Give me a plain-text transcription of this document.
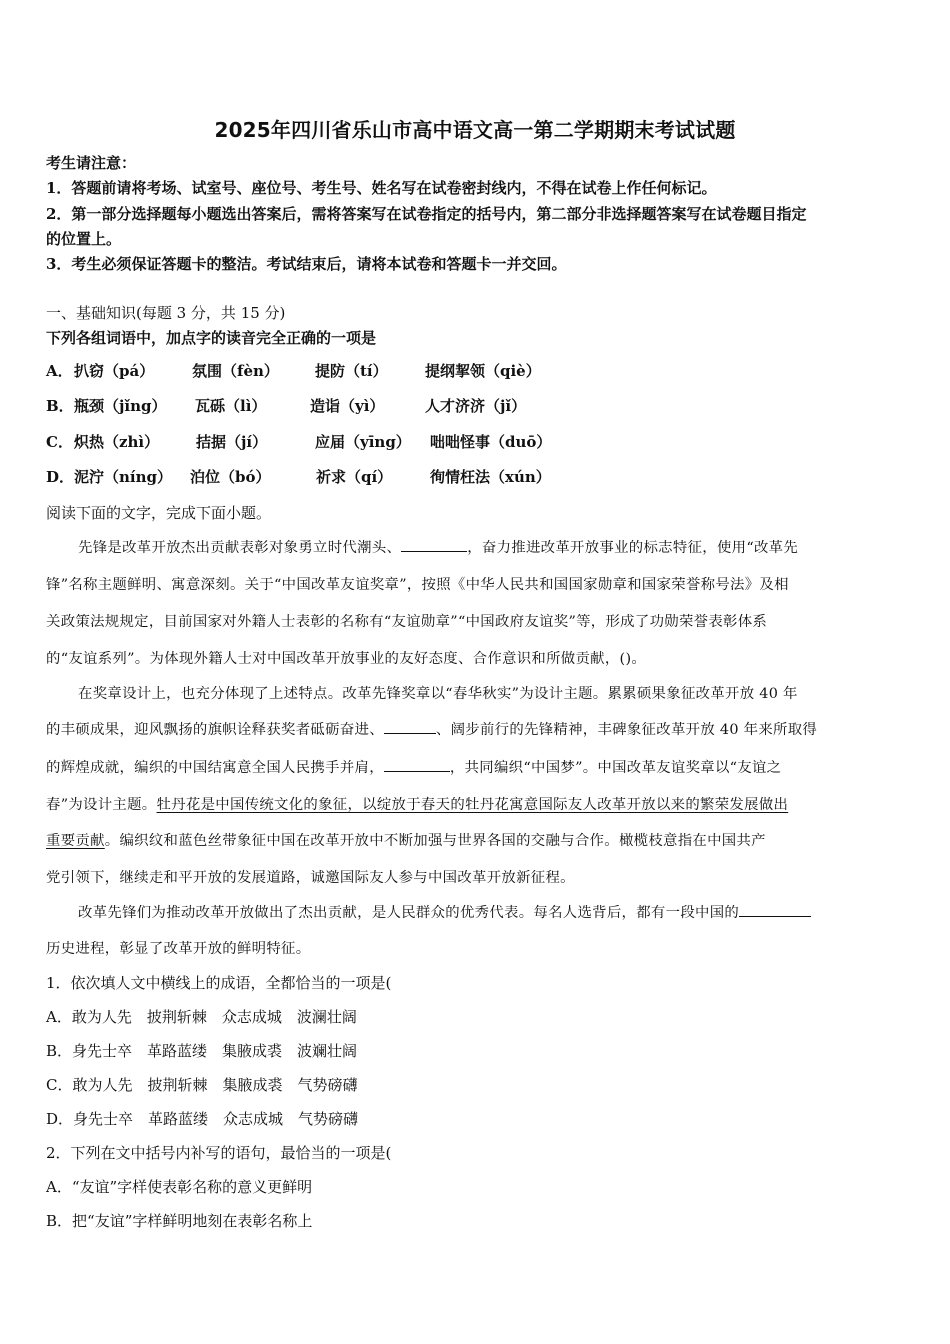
2025年四川省乐山市高中语文高一第二学期期末考试试题
考生请注意：
1．答题前请将考场、试室号、座位号、考生号、姓名写在试卷密封线内，不得在试卷上作任何标记。
2．第一部分选择题每小题选出答案后，需将答案写在试卷指定的括号内，第二部分非选择题答案写在试卷题目指定
的位置上。
3．考生必须保证答题卡的整洁。考试结束后，请将本试卷和答题卡一并交回。
一、基础知识(每题 3 分，共 15 分)
下列各组词语中，加点字的读音完全正确的一项是
A． 扒窃（pá）	氛围（fèn） 提防（tí） 提纲挈领（qiè）
B． 瓶颈（jǐng） 瓦砾（lì）	造诣（yì）	人才济济（jǐ）
C． 炽热（zhì） 拮据（jí）	应届（yīng） 咄咄怪事（duō）
D． 泥泞（níng） 泊位（bó）	祈求（qí）	徇情枉法（xún）
阅读下面的文字，完成下面小题。
先锋是改革开放杰出贡献表彰对象勇立时代潮头、	，奋力推进改革开放事业的标志特征，使用“改革先
锋”名称主题鲜明、寓意深刻。关于“中国改革友谊奖章”，按照《中华人民共和国国家勋章和国家荣誉称号法》及相
关政策法规规定，目前国家对外籍人士表彰的名称有“友谊勋章”“中国政府友谊奖”等，形成了功勋荣誉表彰体系
的“友谊系列”。为体现外籍人士对中国改革开放事业的友好态度、合作意识和所做贡献，()。
在奖章设计上，也充分体现了上述特点。改革先锋奖章以“春华秋实”为设计主题。累累硕果象征改革开放 40 年
的丰硕成果，迎风飘扬的旗帜诠释获奖者砥砺奋进、	、阔步前行的先锋精神，丰碑象征改革开放 40 年来所取得
的辉煌成就，编织的中国结寓意全国人民携手并肩，	，共同编织“中国梦”。中国改革友谊奖章以“友谊之
春”为设计主题。牡丹花是中国传统文化的象征，以绽放于春天的牡丹花寓意国际友人改革开放以来的繁荣发展做出
重要贡献。编织纹和蓝色丝带象征中国在改革开放中不断加强与世界各国的交融与合作。橄榄枝意指在中国共产
党引领下，继续走和平开放的发展道路，诚邀国际友人参与中国改革开放新征程。
改革先锋们为推动改革开放做出了杰出贡献，是人民群众的优秀代表。每名人选背后，都有一段中国的
历史进程，彰显了改革开放的鲜明特征。
1．依次填人文中横线上的成语，全都恰当的一项是(
A．敢为人先　披荆斩棘　众志成城　波澜壮阔
B．身先士卒　革路蓝缕　集腋成裘　波斓壮阔
C．敢为人先　披荆斩棘　集腋成裘　气势磅礴
D．身先士卒　革路蓝缕　众志成城　气势磅礴
2．下列在文中括号内补写的语句，最恰当的一项是(
A．“友谊”字样使表彰名称的意义更鲜明
B．把“友谊”字样鲜明地刻在表彰名称上
